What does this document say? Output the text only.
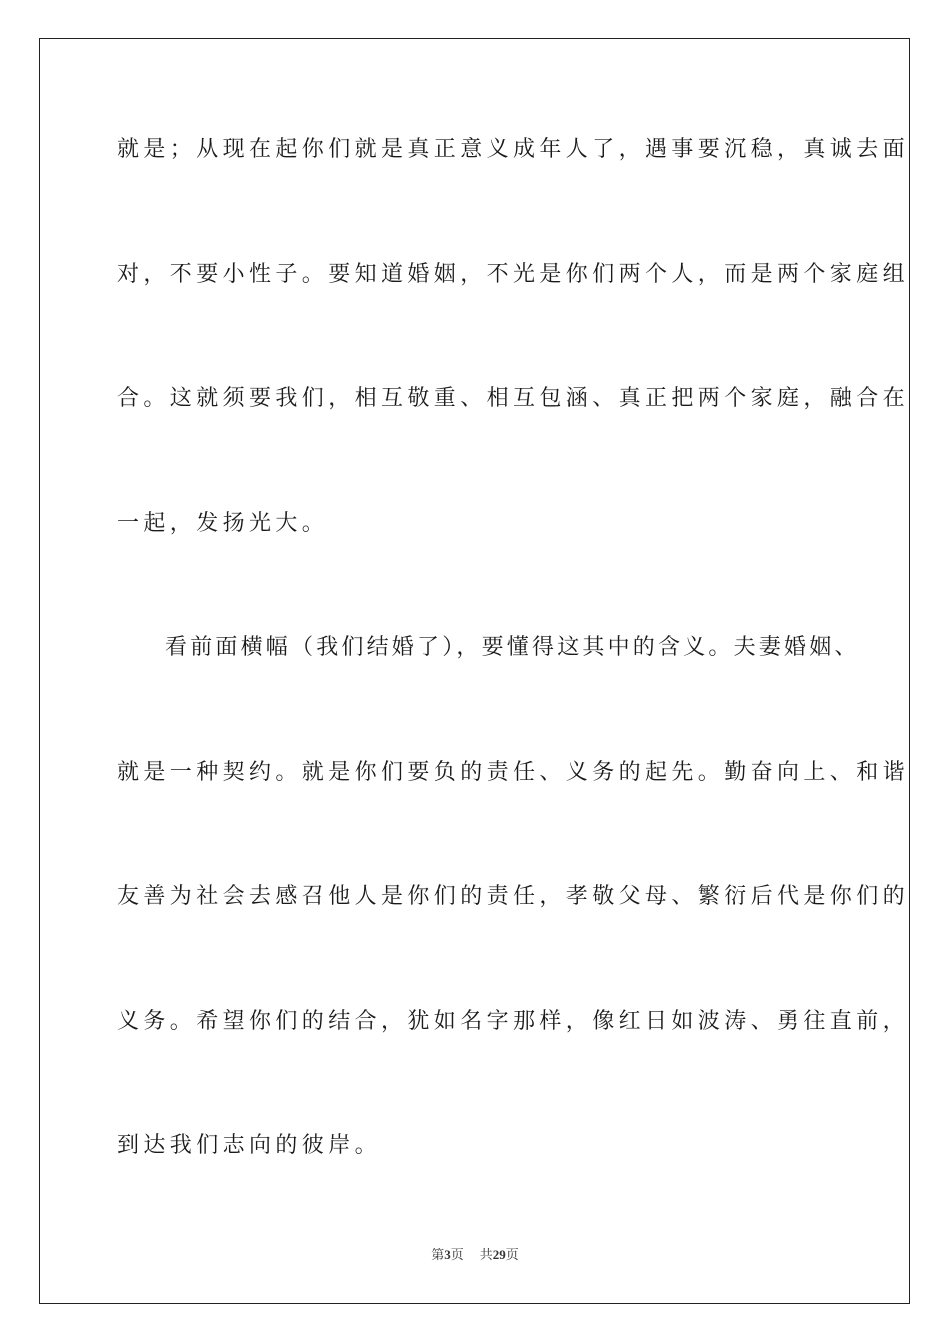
就是；从现在起你们就是真正意义成年人了，遇事要沉稳，真诚去面
对，不要小性子。要知道婚姻，不光是你们两个人，而是两个家庭组
合。这就须要我们，相互敬重、相互包涵、真正把两个家庭，融合在
一起，发扬光大。
看前面横幅（我们结婚了），要懂得这其中的含义。夫妻婚姻、
就是一种契约。就是你们要负的责任、义务的起先。勤奋向上、和谐
友善为社会去感召他人是你们的责任，孝敬父母、繁衍后代是你们的
义务。希望你们的结合，犹如名字那样，像红日如波涛、勇往直前，
到达我们志向的彼岸。
第3页 共29页
